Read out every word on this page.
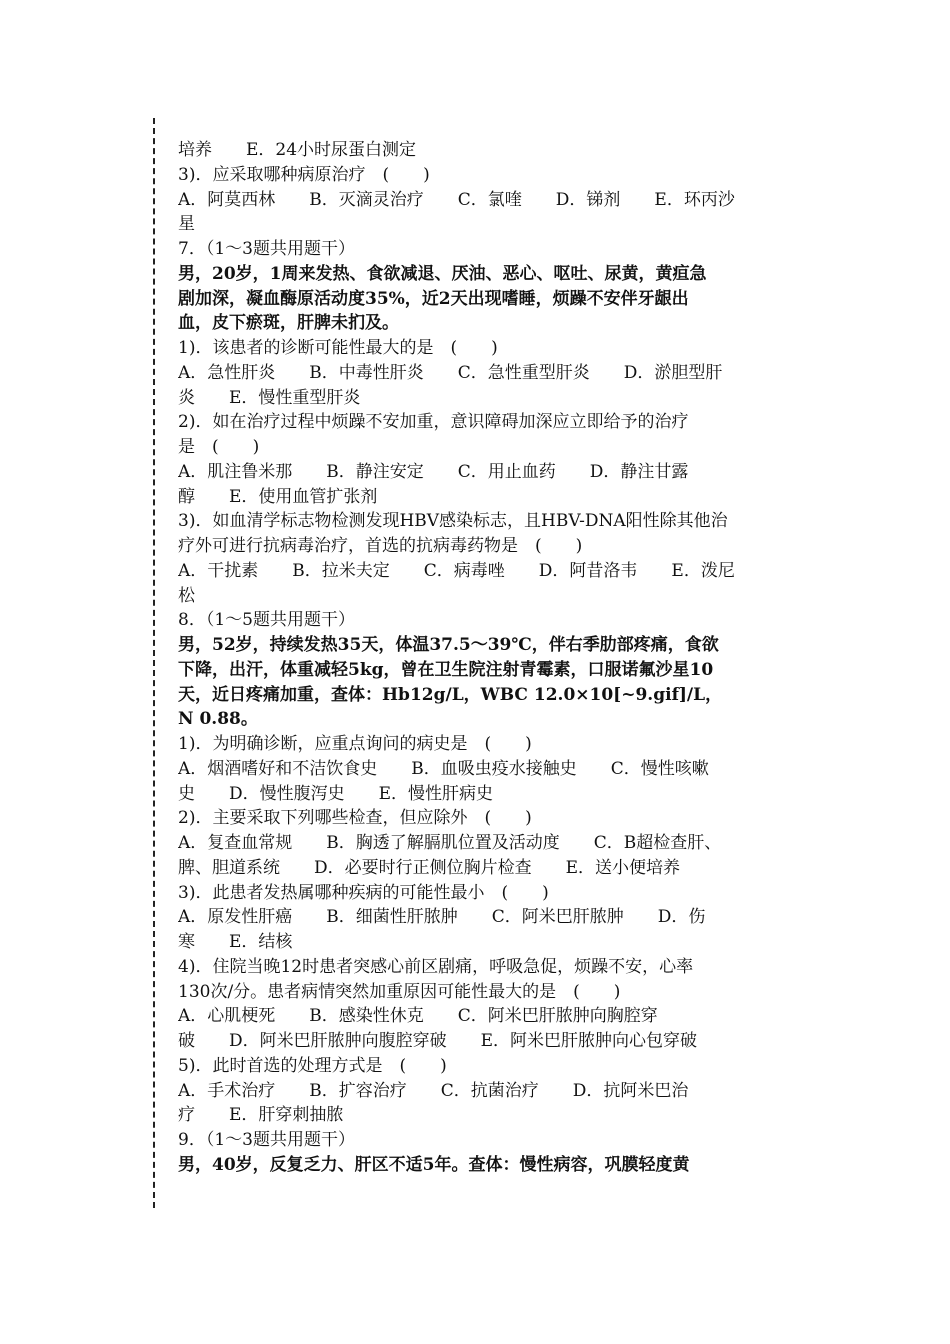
培养　　E．24小时尿蛋白测定
3)．应采取哪种病原治疗　(　　)
A．阿莫西林　　B．灭滴灵治疗　　C．氯喹　　D．锑剂　　E．环丙沙
星
7．（1～3题共用题干）
男，20岁，1周来发热、食欲减退、厌油、恶心、呕吐、尿黄，黄疸急
剧加深，凝血酶原活动度35%，近2天出现嗜睡，烦躁不安伴牙龈出
血，皮下瘀斑，肝脾未扪及。
1)．该患者的诊断可能性最大的是　(　　)
A．急性肝炎　　B．中毒性肝炎　　C．急性重型肝炎　　D．淤胆型肝
炎　　E．慢性重型肝炎
2)．如在治疗过程中烦躁不安加重，意识障碍加深应立即给予的治疗
是　(　　)
A．肌注鲁米那　　B．静注安定　　C．用止血药　　D．静注甘露
醇　　E．使用血管扩张剂
3)．如血清学标志物检测发现HBV感染标志，且HBV-DNA阳性除其他治
疗外可进行抗病毒治疗，首选的抗病毒药物是　(　　)
A．干扰素　　B．拉米夫定　　C．病毒唑　　D．阿昔洛韦　　E．泼尼
松
8．（1～5题共用题干）
男，52岁，持续发热35天，体温37.5～39℃，伴右季肋部疼痛，食欲
下降，出汗，体重减轻5kg，曾在卫生院注射青霉素，口服诺氟沙星10
天，近日疼痛加重，查体：Hb12g/L，WBC 12.0×10[~9.gif]/L，
N 0.88。
1)．为明确诊断，应重点询问的病史是　(　　)
A．烟酒嗜好和不洁饮食史　　B．血吸虫疫水接触史　　C．慢性咳嗽
史　　D．慢性腹泻史　　E．慢性肝病史
2)．主要采取下列哪些检查，但应除外　(　　)
A．复查血常规　　B．胸透了解膈肌位置及活动度　　C．B超检查肝、
脾、胆道系统　　D．必要时行正侧位胸片检查　　E．送小便培养
3)．此患者发热属哪种疾病的可能性最小　(　　)
A．原发性肝癌　　B．细菌性肝脓肿　　C．阿米巴肝脓肿　　D．伤
寒　　E．结核
4)．住院当晚12时患者突感心前区剧痛，呼吸急促，烦躁不安，心率
130次/分。患者病情突然加重原因可能性最大的是　(　　)
A．心肌梗死　　B．感染性休克　　C．阿米巴肝脓肿向胸腔穿
破　　D．阿米巴肝脓肿向腹腔穿破　　E．阿米巴肝脓肿向心包穿破
5)．此时首选的处理方式是　(　　)
A．手术治疗　　B．扩容治疗　　C．抗菌治疗　　D．抗阿米巴治
疗　　E．肝穿刺抽脓
9．（1～3题共用题干）
男，40岁，反复乏力、肝区不适5年。查体：慢性病容，巩膜轻度黄
